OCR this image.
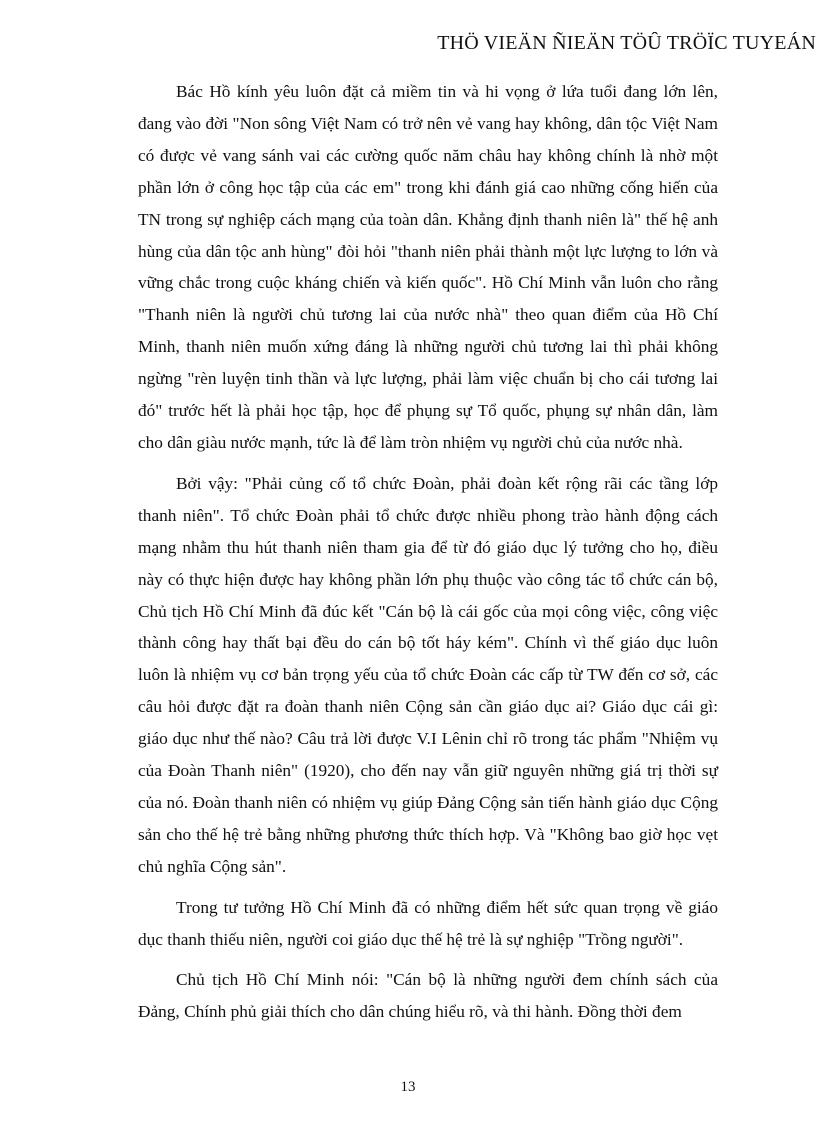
THÖ VIEÄN ÑIEÄN TÖÛ TRÖÏC TUYEÁN

Bác Hồ kính yêu luôn đặt cả miềm tin và hi vọng ở lứa tuổi đang lớn lên, đang vào đời "Non sông Việt Nam có trở nên vẻ vang hay không, dân tộc Việt Nam có được vẻ vang sánh vai các cường quốc năm châu hay không chính là nhờ một phần lớn ở công học tập của các em" trong khi đánh giá cao những cống hiến của TN trong sự nghiệp cách mạng của toàn dân. Khẳng định thanh niên là" thế hệ anh hùng của dân tộc anh hùng" đòi hỏi "thanh niên phải thành một lực lượng to lớn và vững chắc trong cuộc kháng chiến và kiến quốc". Hồ Chí Minh vẫn luôn cho rằng "Thanh niên là người chủ tương lai của nước nhà" theo quan điểm của Hồ Chí Minh, thanh niên muốn xứng đáng là những người chủ tương lai thì phải không ngừng "rèn luyện tinh thần và lực lượng, phải làm việc chuẩn bị cho cái tương lai đó" trước hết là phải học tập, học để phụng sự Tổ quốc, phụng sự nhân dân, làm cho dân giàu nước mạnh, tức là để làm tròn nhiệm vụ người chủ của nước nhà.

Bởi vậy: "Phải củng cố tổ chức Đoàn, phải đoàn kết rộng rãi các tầng lớp thanh niên". Tổ chức Đoàn phải tổ chức được nhiều phong trào hành động cách mạng nhằm thu hút thanh niên tham gia để từ đó giáo dục lý tưởng cho họ, điều này có thực hiện được hay không phần lớn phụ thuộc vào công tác tổ chức cán bộ, Chủ tịch Hồ Chí Minh đã đúc kết "Cán bộ là cái gốc của mọi công việc, công việc thành công hay thất bại đều do cán bộ tốt háy kém". Chính vì thế giáo dục luôn luôn là nhiệm vụ cơ bản trọng yếu của tổ chức Đoàn các cấp từ TW đến cơ sở, các câu hỏi được đặt ra đoàn thanh niên Cộng sản cần giáo dục ai? Giáo dục cái gì: giáo dục như thế nào? Câu trả lời được V.I Lênin chỉ rõ trong tác phẩm "Nhiệm vụ của Đoàn Thanh niên" (1920), cho đến nay vẫn giữ nguyên những giá trị thời sự của nó. Đoàn thanh niên có nhiệm vụ giúp Đảng Cộng sản tiến hành giáo dục Cộng sản cho thế hệ trẻ bằng những phương thức thích hợp. Và "Không bao giờ học vẹt chủ nghĩa Cộng sản".

Trong tư tưởng Hồ Chí Minh đã có những điểm hết sức quan trọng về giáo dục thanh thiếu niên, người coi giáo dục thế hệ trẻ là sự nghiệp "Trồng người".

Chủ tịch Hồ Chí Minh nói: "Cán bộ là những người đem chính sách của Đảng, Chính phủ giải thích cho dân chúng hiểu rõ, và thi hành. Đồng thời đem

13
